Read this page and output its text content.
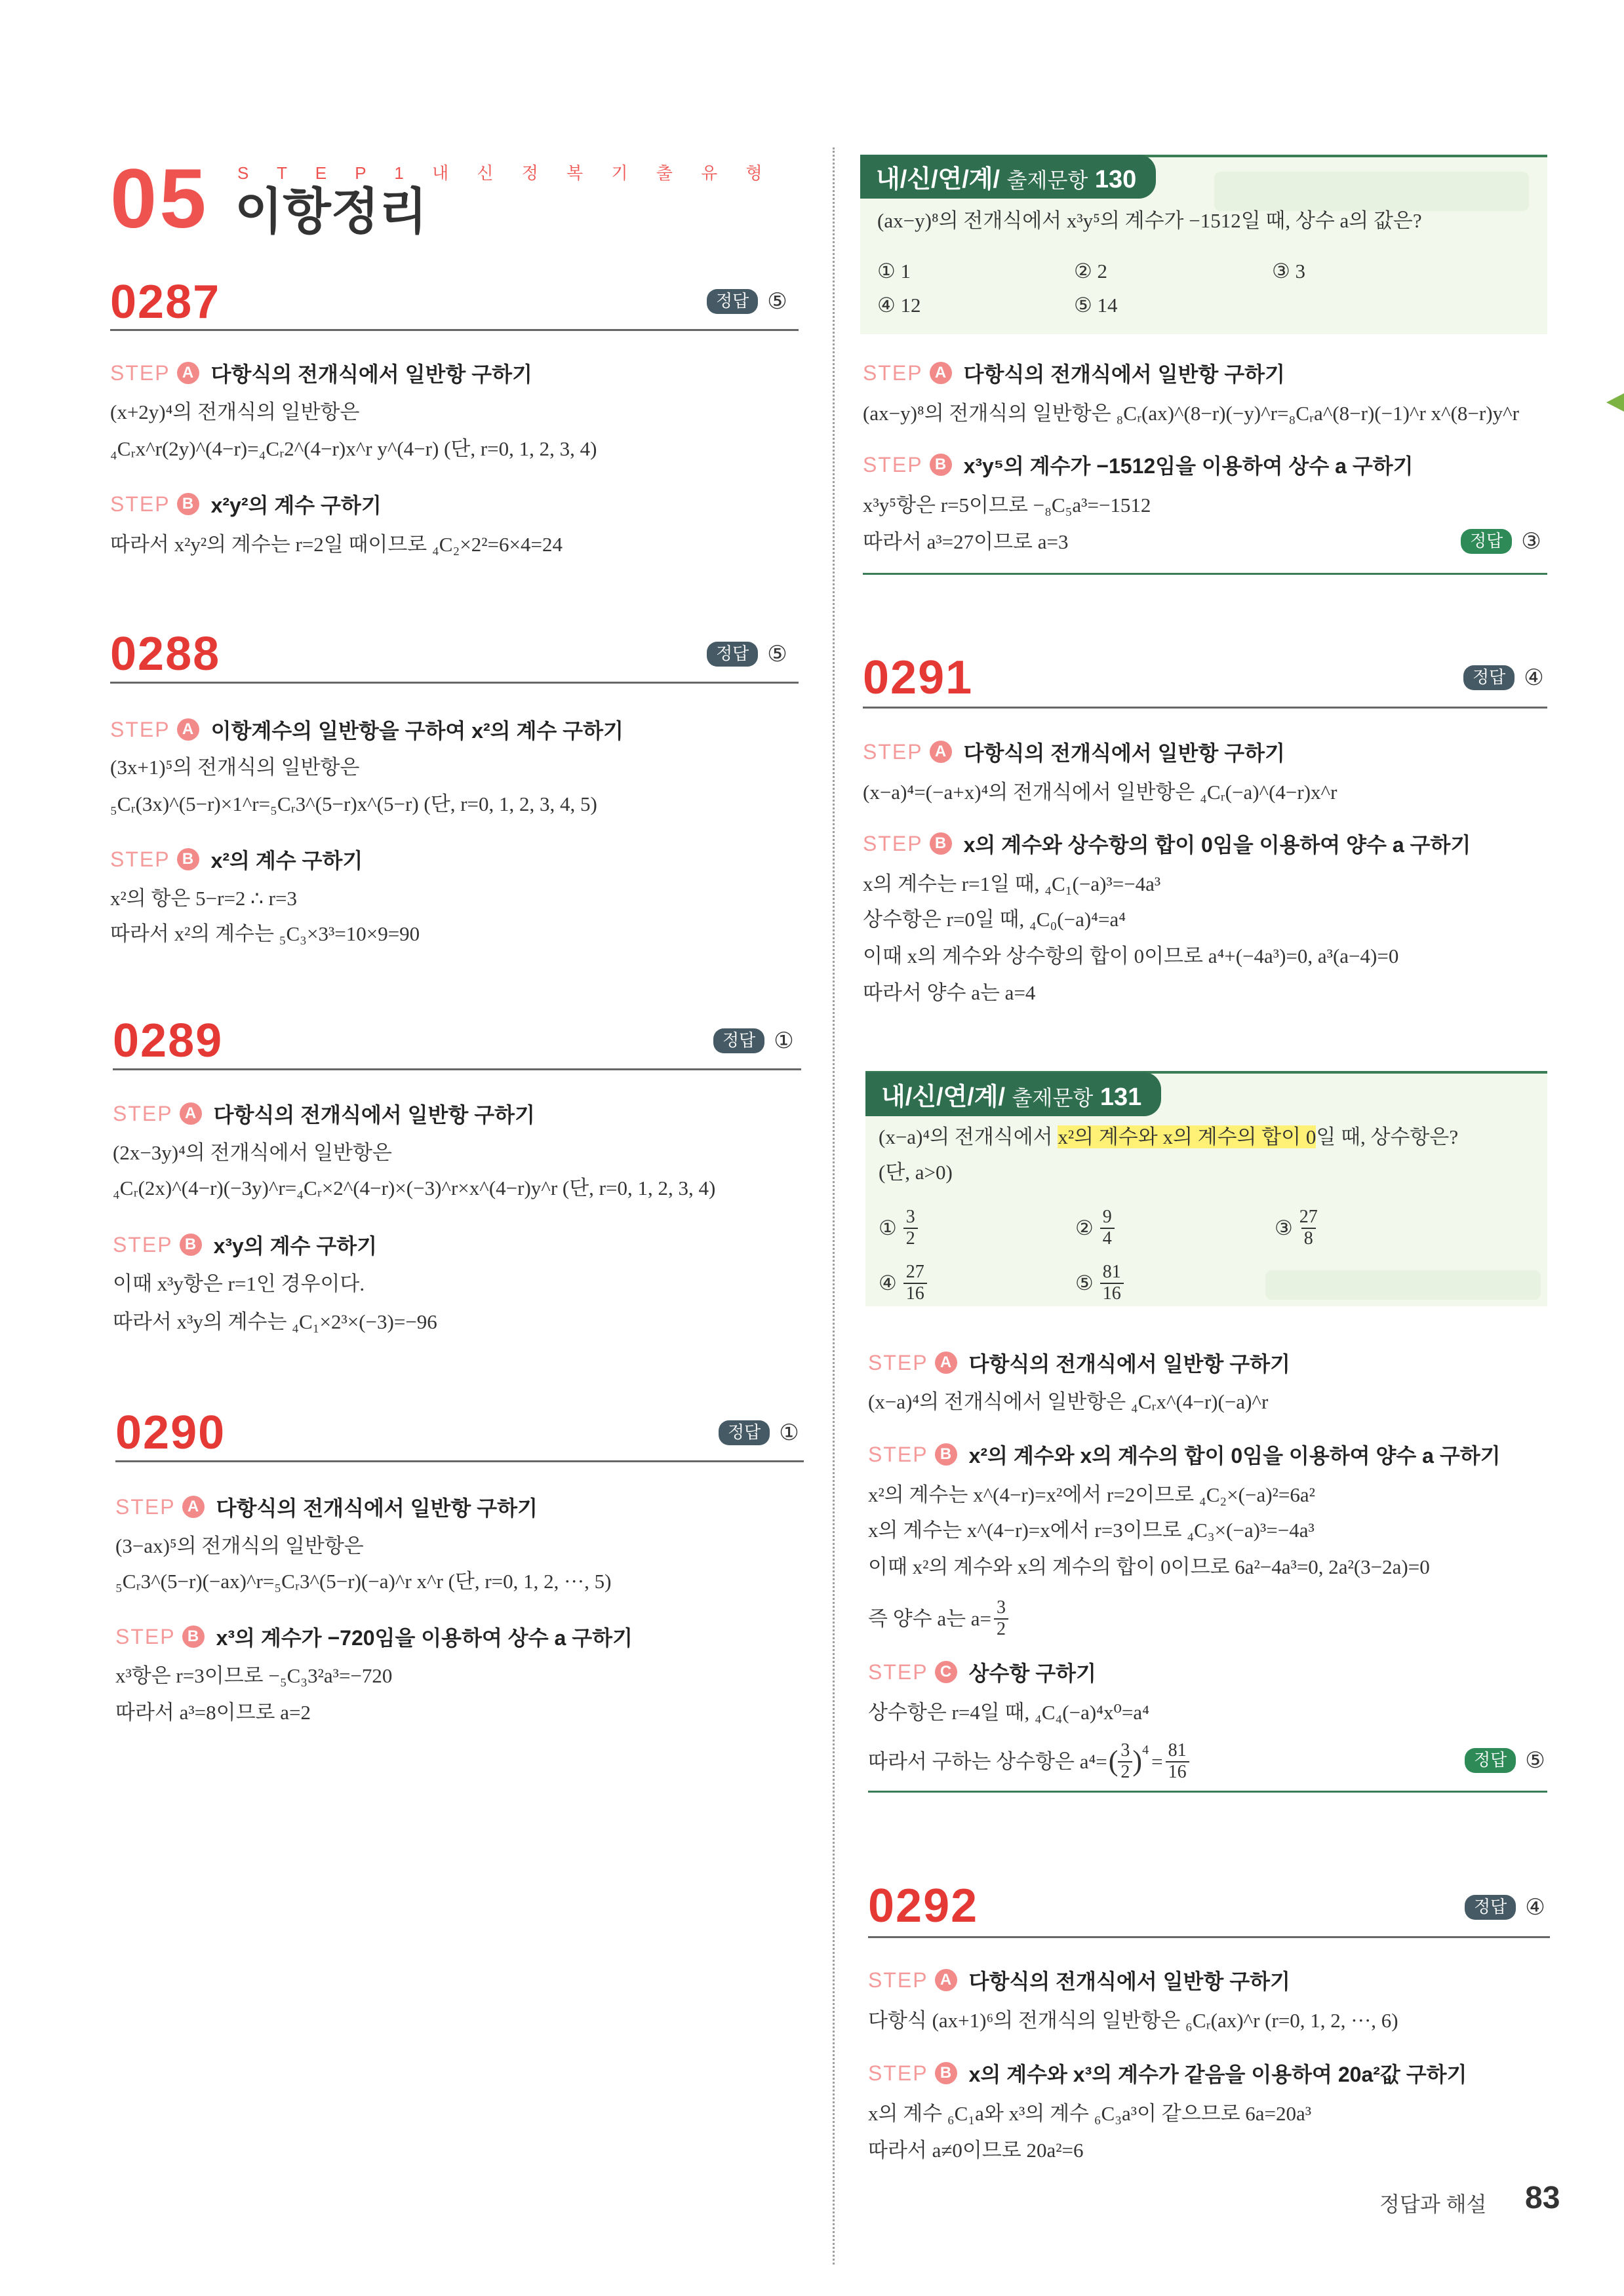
05 S T E P 1 내 신 정 복 기 출 유 형
이항정리
0287	정답 ⑤
STEP A 다항식의 전개식에서 일반항 구하기
(x+2y)⁴의 전개식의 일반항은
₄Cᵣx^r(2y)^(4−r)=₄Cᵣ2^(4−r)x^r y^(4−r) (단, r=0, 1, 2, 3, 4)
STEP B x²y²의 계수 구하기
따라서 x²y²의 계수는 r=2일 때이므로 ₄C₂×2²=6×4=24
0288	정답 ⑤
STEP A 이항계수의 일반항을 구하여 x²의 계수 구하기
(3x+1)⁵의 전개식의 일반항은
₅Cᵣ(3x)^(5−r)×1^r=₅Cᵣ3^(5−r)x^(5−r) (단, r=0, 1, 2, 3, 4, 5)
STEP B x²의 계수 구하기
x²의 항은 5−r=2 ∴ r=3
따라서 x²의 계수는 ₅C₃×3³=10×9=90
0289	정답 ①
STEP A 다항식의 전개식에서 일반항 구하기
(2x−3y)⁴의 전개식에서 일반항은
₄Cᵣ(2x)^(4−r)(−3y)^r=₄Cᵣ×2^(4−r)×(−3)^r×x^(4−r)y^r (단, r=0, 1, 2, 3, 4)
STEP B x³y의 계수 구하기
이때 x³y항은 r=1인 경우이다.
따라서 x³y의 계수는 ₄C₁×2³×(−3)=−96
0290	정답 ①
STEP A 다항식의 전개식에서 일반항 구하기
(3−ax)⁵의 전개식의 일반항은
₅Cᵣ3^(5−r)(−ax)^r=₅Cᵣ3^(5−r)(−a)^r x^r (단, r=0, 1, 2, ···, 5)
STEP B x³의 계수가 −720임을 이용하여 상수 a 구하기
x³항은 r=3이므로 −₅C₃3²a³=−720
따라서 a³=8이므로 a=2
내/신/연/계/ 출제문항 130
(ax−y)⁸의 전개식에서 x³y⁵의 계수가 −1512일 때, 상수 a의 값은?
① 1	② 2	③ 3
④ 12	⑤ 14
STEP A 다항식의 전개식에서 일반항 구하기
(ax−y)⁸의 전개식의 일반항은 ₈Cᵣ(ax)^(8−r)(−y)^r=₈Cᵣa^(8−r)(−1)^r x^(8−r)y^r
STEP B x³y⁵의 계수가 −1512임을 이용하여 상수 a 구하기
x³y⁵항은 r=5이므로 −₈C₅a³=−1512
따라서 a³=27이므로 a=3	정답 ③
0291	정답 ④
STEP A 다항식의 전개식에서 일반항 구하기
(x−a)⁴=(−a+x)⁴의 전개식에서 일반항은 ₄Cᵣ(−a)^(4−r)x^r
STEP B x의 계수와 상수항의 합이 0임을 이용하여 양수 a 구하기
x의 계수는 r=1일 때, ₄C₁(−a)³=−4a³
상수항은 r=0일 때, ₄C₀(−a)⁴=a⁴
이때 x의 계수와 상수항의 합이 0이므로 a⁴+(−4a³)=0, a³(a−4)=0
따라서 양수 a는 a=4
내/신/연/계/ 출제문항 131
(x−a)⁴의 전개식에서 x²의 계수와 x의 계수의 합이 0일 때, 상수항은?
(단, a>0)
① $\frac{3}{2}$	② $\frac{9}{4}$	③ $\frac{27}{8}$
④ $\frac{27}{16}$	⑤ $\frac{81}{16}$
STEP A 다항식의 전개식에서 일반항 구하기
(x−a)⁴의 전개식에서 일반항은 ₄Cᵣx^(4−r)(−a)^r
STEP B x²의 계수와 x의 계수의 합이 0임을 이용하여 양수 a 구하기
x²의 계수는 x^(4−r)=x²에서 r=2이므로 ₄C₂×(−a)²=6a²
x의 계수는 x^(4−r)=x에서 r=3이므로 ₄C₃×(−a)³=−4a³
이때 x²의 계수와 x의 계수의 합이 0이므로 6a²−4a³=0, 2a²(3−2a)=0
즉 양수 a는 $a= \frac{3}{2}$
STEP C 상수항 구하기
상수항은 r=4일 때, ₄C₄(−a)⁴x⁰=a⁴
따라서 구하는 상수항은 a⁴= ( $\frac{3}{2}$ ) 4
= $\frac{81}{16}$	정답 ⑤
0292	정답 ④
STEP A 다항식의 전개식에서 일반항 구하기
다항식 (ax+1)⁶의 전개식의 일반항은 ₆Cᵣ(ax)^r (r=0, 1, 2, ···, 6)
STEP B x의 계수와 x³의 계수가 같음을 이용하여 20a²값 구하기
x의 계수 ₆C₁a와 x³의 계수 ₆C₃a³이 같으므로 6a=20a³
따라서 a≠0이므로 20a²=6
정답과 해설 83
